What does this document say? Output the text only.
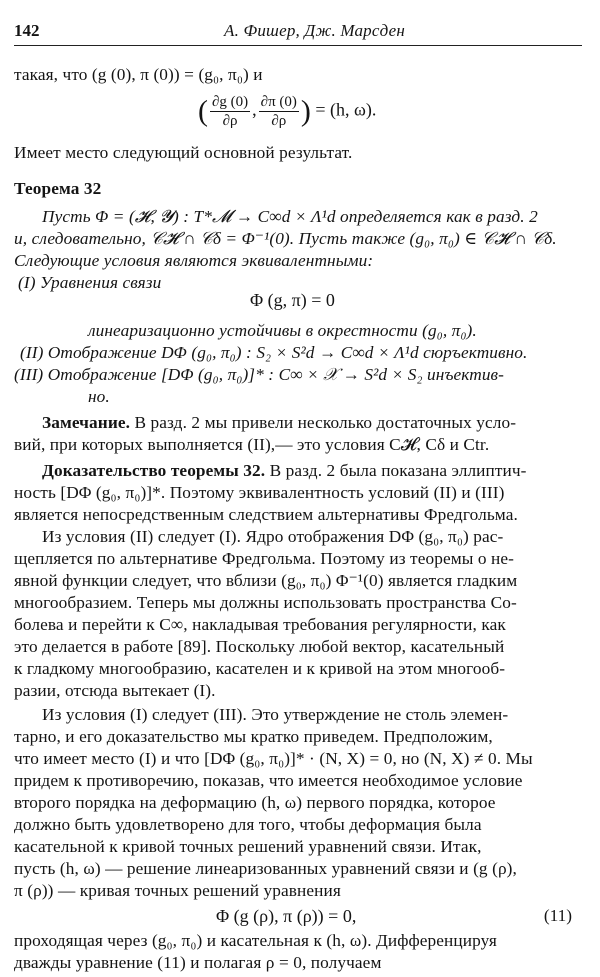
142	А. Фишер, Дж. Марсден
такая, что (g (0), π (0)) = (g₀, π₀) и
( $\frac{\partial g (0)}{\partial\rho}$ , $\frac{\partial\pi (0)}{\partial\rho}$ ) = (h, ω).
Имеет место следующий основной результат.
Теорема 32
Пусть Φ = (𝓗, 𝓨) : T*𝓜 → C∞d × Λ¹d определяется как в разд. 2
и, следовательно, 𝒞𝓗 ∩ 𝒞δ = Φ⁻¹(0). Пусть также (g₀, π₀) ∈ 𝒞𝓗 ∩ 𝒞δ.
Следующие условия являются эквивалентными:
(I) Уравнения связи
Φ (g, π) = 0
линеаризационно устойчивы в окрестности (g₀, π₀).
(II) Отображение DΦ (g₀, π₀) : S₂ × S²d → C∞d × Λ¹d сюръективно.
(III) Отображение [DΦ (g₀, π₀)]* : C∞ × 𝒳 → S²d × S₂ инъектив-
но.
Замечание. В разд. 2 мы привели несколько достаточных усло-
вий, при которых выполняется (II),— это условия C𝓗, Cδ и Ctr.
Доказательство теоремы 32. В разд. 2 была показана эллиптич-
ность [DΦ (g₀, π₀)]*. Поэтому эквивалентность условий (II) и (III)
является непосредственным следствием альтернативы Фредгольма.
Из условия (II) следует (I). Ядро отображения DΦ (g₀, π₀) рас-
щепляется по альтернативе Фредгольма. Поэтому из теоремы о не-
явной функции следует, что вблизи (g₀, π₀) Φ⁻¹(0) является гладким
многообразием. Теперь мы должны использовать пространства Со-
болева и перейти к C∞, накладывая требования регулярности, как
это делается в работе [89]. Поскольку любой вектор, касательный
к гладкому многообразию, касателен и к кривой на этом многооб-
разии, отсюда вытекает (I).
Из условия (I) следует (III). Это утверждение не столь элемен-
тарно, и его доказательство мы кратко приведем. Предположим,
что имеет место (I) и что [DΦ (g₀, π₀)]* · (N, X) = 0, но (N, X) ≠ 0. Мы
придем к противоречию, показав, что имеется необходимое условие
второго порядка на деформацию (h, ω) первого порядка, которое
должно быть удовлетворено для того, чтобы деформация была
касательной к кривой точных решений уравнений связи. Итак,
пусть (h, ω) — решение линеаризованных уравнений связи и (g (ρ),
π (ρ)) — кривая точных решений уравнения
Φ (g (ρ), π (ρ)) = 0,	(11)
проходящая через (g₀, π₀) и касательная к (h, ω). Дифференцируя
дважды уравнение (11) и полагая ρ = 0, получаем
